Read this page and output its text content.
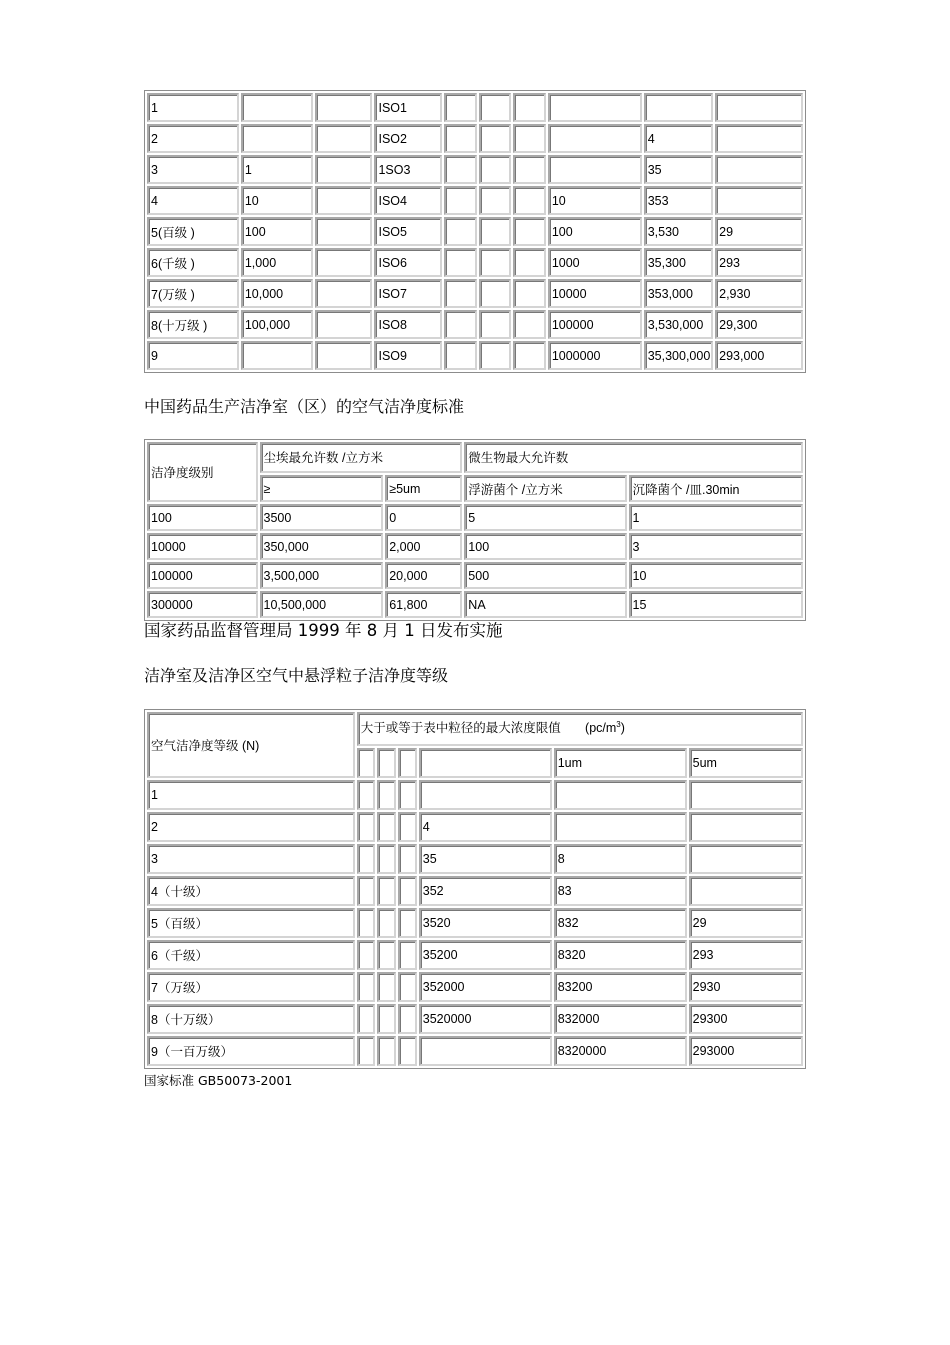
1			ISO1						
2			ISO2					4	
3	1		1SO3					35	
4	10		ISO4				10	353	
5(百级 )	100		ISO5				100	3,530	29
6(千级 )	1,000		ISO6				1000	35,300	293
7(万级 )	10,000		ISO7				10000	353,000	2,930
8(十万级 )	100,000		ISO8				100000	3,530,000	29,300
9			ISO9				1000000	35,300,000	293,000
中国药品生产洁净室（区）的空气洁净度标准
洁净度级别	尘埃最允许数 /立方米		微生物最大允许数	
	≥	≥5um	浮游菌个 /立方米	沉降菌个 /皿.30min
100	3500	0	5	1
10000	350,000	2,000	100	3
100000	3,500,000	20,000	500	10
300000	10,500,000	61,800	NA	15
国家药品监督管理局 1999 年 8 月 1 日发布实施
洁净室及洁净区空气中悬浮粒子洁净度等级
空气洁净度等级 (N)	大于或等于表中粒径的最大浓度限值 $(pc/m^3)$					
					1um	5um
1						
2				4		
3				35	8	
4（十级）				352	83	
5（百级）				3520	832	29
6（千级）				35200	8320	293
7（万级）				352000	83200	2930
8（十万级）				3520000	832000	29300
9（一百万级）					8320000	293000
国家标准 GB50073-2001
